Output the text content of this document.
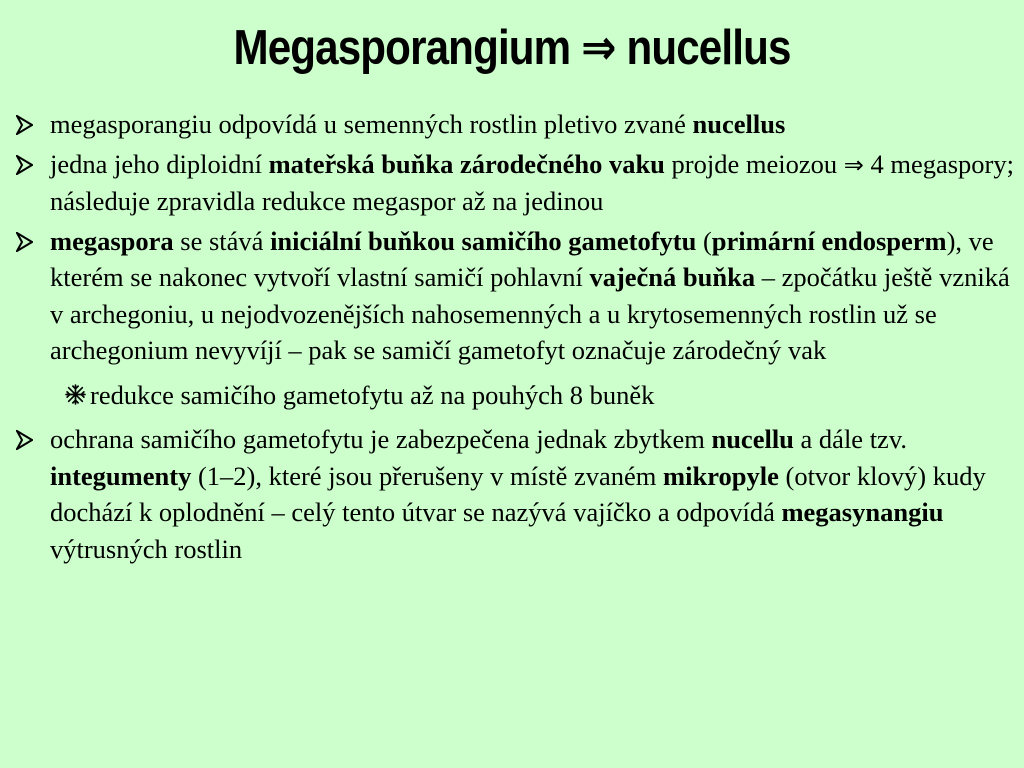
Megasporangium ⇒ nucellus
megasporangiu odpovídá u semenných rostlin pletivo zvané nucellus
jedna jeho diploidní mateřská buňka zárodečného vaku projde meiozou ⇒ 4 megaspory; následuje zpravidla redukce megaspor až na jedinou
megaspora se stává iniciální buňkou samičího gametofytu (primární endosperm), ve kterém se nakonec vytvoří vlastní samičí pohlavní vaječná buňka – zpočátku ještě vzniká v archegoniu, u nejodvozenějších nahosemenných a u krytosemenných rostlin už se archegonium nevyvíjí – pak se samičí gametofyt označuje zárodečný vak
redukce samičího gametofytu až na pouhých 8 buněk
ochrana samičího gametofytu je zabezpečena jednak zbytkem nucellu a dále tzv. integumenty (1–2), které jsou přerušeny v místě zvaném mikropyle (otvor klový) kudy dochází k oplodnění – celý tento útvar se nazývá vajíčko a odpovídá megasynangiu výtrusných rostlin
